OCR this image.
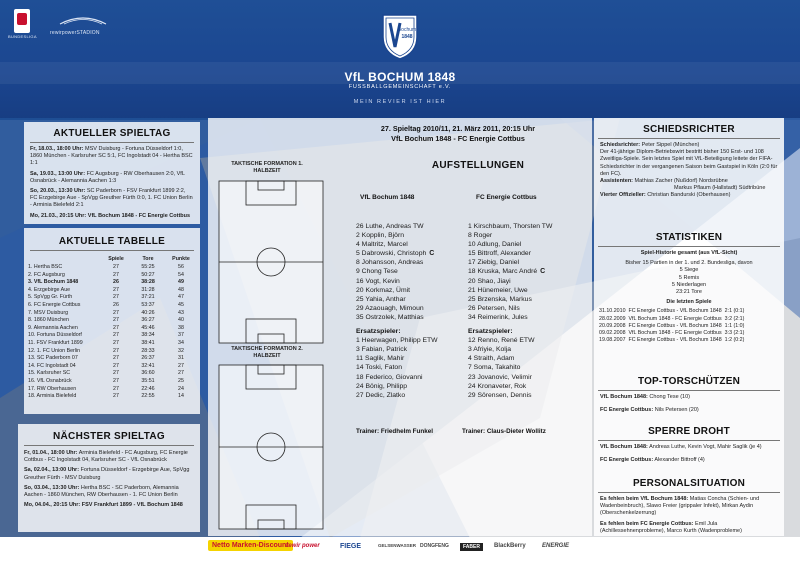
BUNDESLIGA
rewirpowerSTADION	Bochum
1848
VfL BOCHUM 1848
FUSSBALLGEMEINSCHAFT e.V.
MEIN REVIER IST HIER
AKTUELLER SPIELTAG
Fr, 18.03., 18:00 Uhr: MSV Duisburg - Fortuna Düsseldorf 1:0, 1860 München - Karlsruher SC 5:1, FC Ingolstadt 04 - Hertha BSC 1:1
Sa, 19.03., 13:00 Uhr: FC Augsburg - RW Oberhausen 2:0, VfL Osnabrück - Alemannia Aachen 1:3
So, 20.03., 13:30 Uhr: SC Paderborn - FSV Frankfurt 1899 2:2, FC Erzgebirge Aue - SpVgg Greuther Fürth 0:0, 1. FC Union Berlin - Arminia Bielefeld 2:1
Mo, 21.03., 20:15 Uhr: VfL Bochum 1848 - FC Energie Cottbus
AKTUELLE TABELLE
	Spiele	Tore	Punkte
1. Hertha BSC	27	55:25	56
2. FC Augsburg	27	50:27	54
3. VfL Bochum 1848	26	38:28	49
4. Erzgebirge Aue	27	31:28	48
5. SpVgg Gr. Fürth	27	37:21	47
6. FC Energie Cottbus	26	53:37	45
7. MSV Duisburg	27	40:26	43
8. 1860 München	27	36:27	40
9. Alemannia Aachen	27	45:46	38
10. Fortuna Düsseldorf	27	38:34	37
11. FSV Frankfurt 1899	27	38:41	34
12. 1. FC Union Berlin	27	28:33	32
13. SC Paderborn 07	27	26:37	31
14. FC Ingolstadt 04	27	32:41	27
15. Karlsruher SC	27	36:60	27
16. VfL Osnabrück	27	35:51	25
17. RW Oberhausen	27	22:46	24
18. Arminia Bielefeld	27	22:55	14
NÄCHSTER SPIELTAG
Fr, 01.04., 18:00 Uhr: Arminia Bielefeld - FC Augsburg, FC Energie Cottbus - FC Ingolstadt 04, Karlsruher SC - VfL Osnabrück
Sa, 02.04., 13:00 Uhr: Fortuna Düsseldorf - Erzgebirge Aue, SpVgg Greuther Fürth - MSV Duisburg
So, 03.04., 13:30 Uhr: Hertha BSC - SC Paderborn, Alemannia Aachen - 1860 München, RW Oberhausen - 1. FC Union Berlin
Mo, 04.04., 20:15 Uhr: FSV Frankfurt 1899 - VfL Bochum 1848
27. Spieltag 2010/11, 21. März 2011, 20:15 Uhr
VfL Bochum 1848 - FC Energie Cottbus
AUFSTELLUNGEN
TAKTISCHE FORMATION 1. HALBZEIT
TAKTISCHE FORMATION 2. HALBZEIT
VfL Bochum 1848	FC Energie Cottbus
26 Luthe, Andreas TW
2 Kopplin, Björn
4 Maltritz, Marcel
5 Dabrowski, Christoph C
8 Johansson, Andreas
9 Chong Tese
16 Vogt, Kevin
20 Korkmaz, Ümit
25 Yahia, Anthar
29 Azaouagh, Mimoun
35 Ostrzolek, Matthias
Ersatzspieler:
1 Heerwagen, Philipp ETW
3 Fabian, Patrick
11 Saglik, Mahir
14 Toski, Faton
18 Federico, Giovanni
24 Bönig, Philipp
27 Dedic, Zlatko
1 Kirschbaum, Thorsten TW
8 Roger
10 Adlung, Daniel
15 Bittroff, Alexander
17 Ziebig, Daniel
18 Kruska, Marc André C
20 Shao, Jiayi
21 Hünemeier, Uwe
25 Brzenska, Markus
26 Petersen, Nils
34 Reimerink, Jules
Ersatzspieler:
12 Renno, René ETW
3 Afriyie, Kolja
4 Straith, Adam
7 Soma, Takahito
23 Jovanovic, Velimir
24 Kronaveter, Rok
29 Sörensen, Dennis
Trainer: Friedhelm Funkel	Trainer: Claus-Dieter Wollitz
SCHIEDSRICHTER
Schiedsrichter: Peter Sippel (München)
Der 41-jährige Diplom-Betriebswirt bestritt bisher 150 Erst- und 108 Zweitliga-Spiele. Sein letztes Spiel mit VfL-Beteiligung leitete der FIFA-Schiedsrichter in der vergangenen Saison beim Gastspiel in Köln (2:0 für den FC).
Assistenten: Mathias Zacher (Nußdorf) Nordsrübne
Markus Pflaum (Hallstadt) Südtribüne
Vierter Offizieller: Christian Bandurski (Oberhausen)
STATISTIKEN
Spiel-Historie gesamt (aus VfL-Sicht)
Bisher 15 Partien in der 1. und 2. Bundesliga, davon
5 Siege
5 Remis
5 Niederlagen
23:21 Tore
Die letzten Spiele
31.10.2010	FC Energie Cottbus - VfL Bochum 1848	2:1 (0:1)
28.02.2009	VfL Bochum 1848 - FC Energie Cottbus	3:2 (2:1)
20.09.2008	FC Energie Cottbus - VfL Bochum 1848	1:1 (1:0)
09.02.2008	VfL Bochum 1848 - FC Energie Cottbus	3:3 (2:1)
19.08.2007	FC Energie Cottbus - VfL Bochum 1848	1:2 (0:2)
TOP-TORSCHÜTZEN
VfL Bochum 1848: Chong Tese (10)
FC Energie Cottbus: Nils Petersen (20)
SPERRE DROHT
VfL Bochum 1848: Andreas Luthe, Kevin Vogt, Mahir Saglik (je 4)
FC Energie Cottbus: Alexander Bittroff (4)
PERSONALSITUATION
Es fehlen beim VfL Bochum 1848: Matias Concha (Schien- und Wadenbeinbruch), Slawo Freier (grippaler Infekt), Mirkan Aydin (Oberschenkelzerrung)
Es fehlen beim FC Energie Cottbus: Emil Jula (Achillessehnenprobleme), Marco Kurth (Wadenprobleme)
Netto Marken-Discount
rewir power	FIEGE	GELSENWASSER DONGFENG	FABER	BlackBerry	ENERGIE
